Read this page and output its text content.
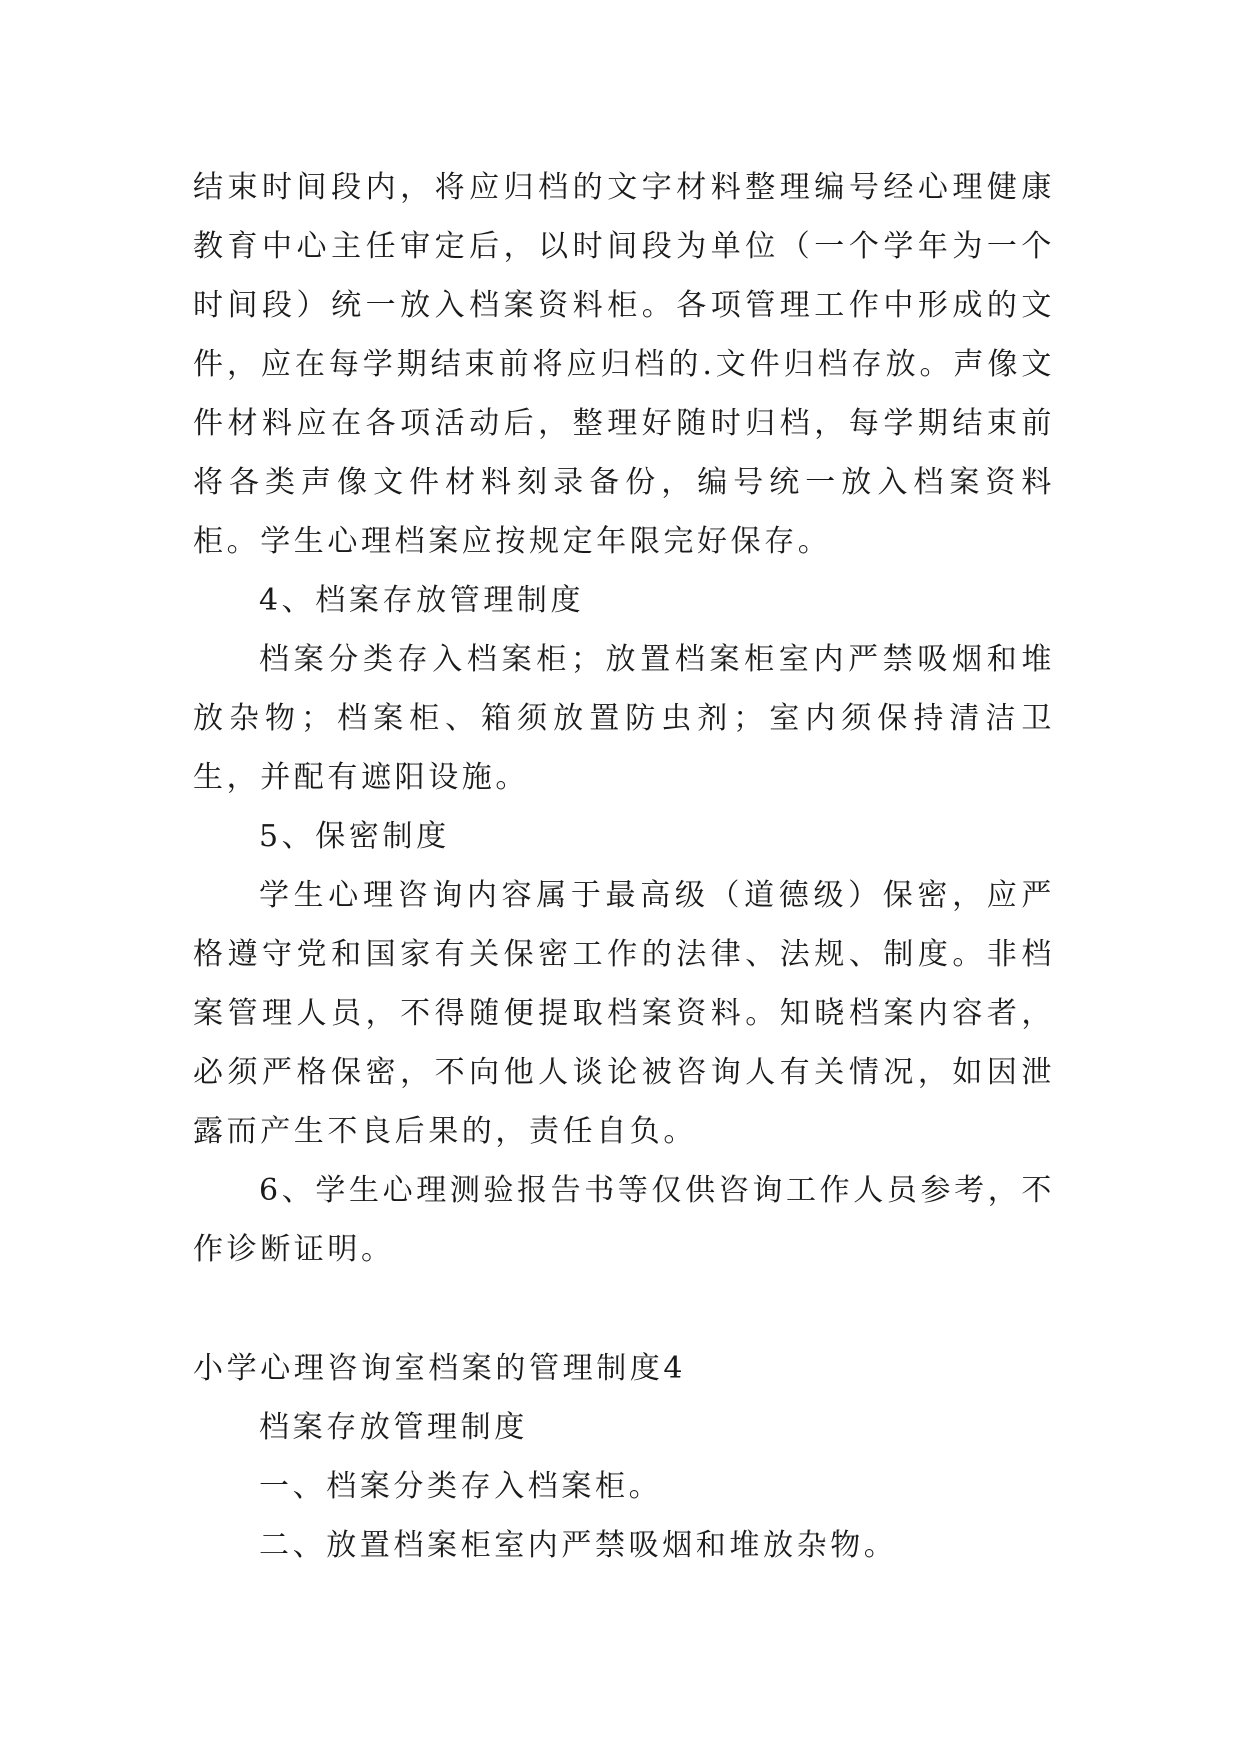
结束时间段内，将应归档的文字材料整理编号经心理健康教育中心主任审定后，以时间段为单位（一个学年为一个时间段）统一放入档案资料柜。各项管理工作中形成的文件，应在每学期结束前将应归档的.文件归档存放。声像文件材料应在各项活动后，整理好随时归档，每学期结束前将各类声像文件材料刻录备份，编号统一放入档案资料柜。学生心理档案应按规定年限完好保存。

4、档案存放管理制度

档案分类存入档案柜；放置档案柜室内严禁吸烟和堆放杂物；档案柜、箱须放置防虫剂；室内须保持清洁卫生，并配有遮阳设施。

5、保密制度

学生心理咨询内容属于最高级（道德级）保密，应严格遵守党和国家有关保密工作的法律、法规、制度。非档案管理人员，不得随便提取档案资料。知晓档案内容者，必须严格保密，不向他人谈论被咨询人有关情况，如因泄露而产生不良后果的，责任自负。

6、学生心理测验报告书等仅供咨询工作人员参考，不作诊断证明。

小学心理咨询室档案的管理制度4

档案存放管理制度

一、档案分类存入档案柜。

二、放置档案柜室内严禁吸烟和堆放杂物。
